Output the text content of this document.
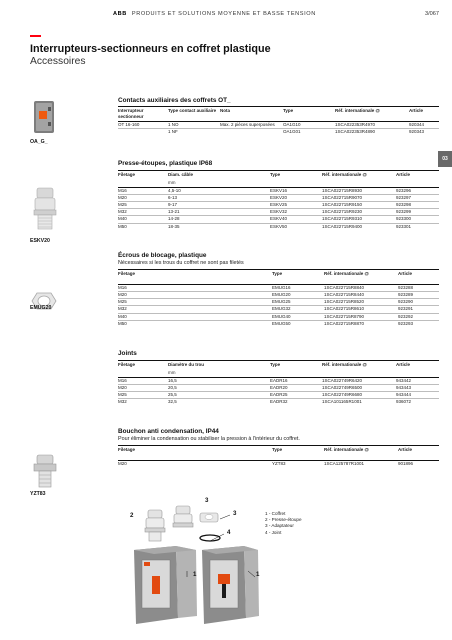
ABB PRODUITS ET SOLUTIONS MOYENNE ET BASSE TENSION	3/067
Interrupteurs-sectionneurs en coffret plastique
Accessoires
03
OA_G_
ESKV20
EMUG20
YZT83
Contacts auxiliaires des coffrets OT_
Interrupteur sectionneur	Type contact auxiliaire	Nota	Type	Réf. internationale @	Article
OT 16-160	1 NO	Max. 2 pièces superposées	OA1G10	1SCA022353R4970	920344
	1 NF		OA1G01	1SCA022353R4890	920343
Presse-étoupes, plastique IP68
Filetage	Diam. câble	Type	Réf. internationale @	Article
	mm			
M16	4,5-10	ESKV16	1SCA022715R8930	923296
M20	6-13	ESKV20	1SCA022715R9070	923297
M25	9-17	ESKV25	1SCA022715R9150	923298
M32	13-21	ESKV32	1SCA022715R9230	923299
M40	14-28	ESKV40	1SCA022715R9310	923300
M50	18-35	ESKV50	1SCA022715R9400	923301
Écrous de blocage, plastique
Nécessaires si les trous du coffret ne sont pas filetés
Filetage	Type	Réf. internationale @	Article

M16	EMUG16	1SCA022715R8840	923288
M20	EMUG20	1SCA022715R8440	923289
M25	EMUG25	1SCA022715R8520	923290
M32	EMUG32	1SCA022715R8610	923291
M40	EMUG40	1SCA022715R8790	923292
M50	EMUG50	1SCA022715R8870	923293
Joints
Filetage	Diamètre du trou	Type	Réf. internationale @	Article
	mm			
M16	16,5	EADR16	1SCA022749R6420	943442
M20	20,5	EADR20	1SCA022749R6500	943443
M25	25,5	EADR25	1SCA022749R6680	943444
M32	32,5	EADR32	1SCA101165R1001	936072
Bouchon anti condensation, IP44
Pour éliminer la condensation ou stabiliser la pression à l'intérieur du coffret.
Filetage	Type	Réf. internationale @	Article

M20	YZT83	1SCA125787R1001	901896
1	1
2
3
3
4
1 - Coffret
2 - Presse-étoupe
3 - Adaptateur
4 - Joint
